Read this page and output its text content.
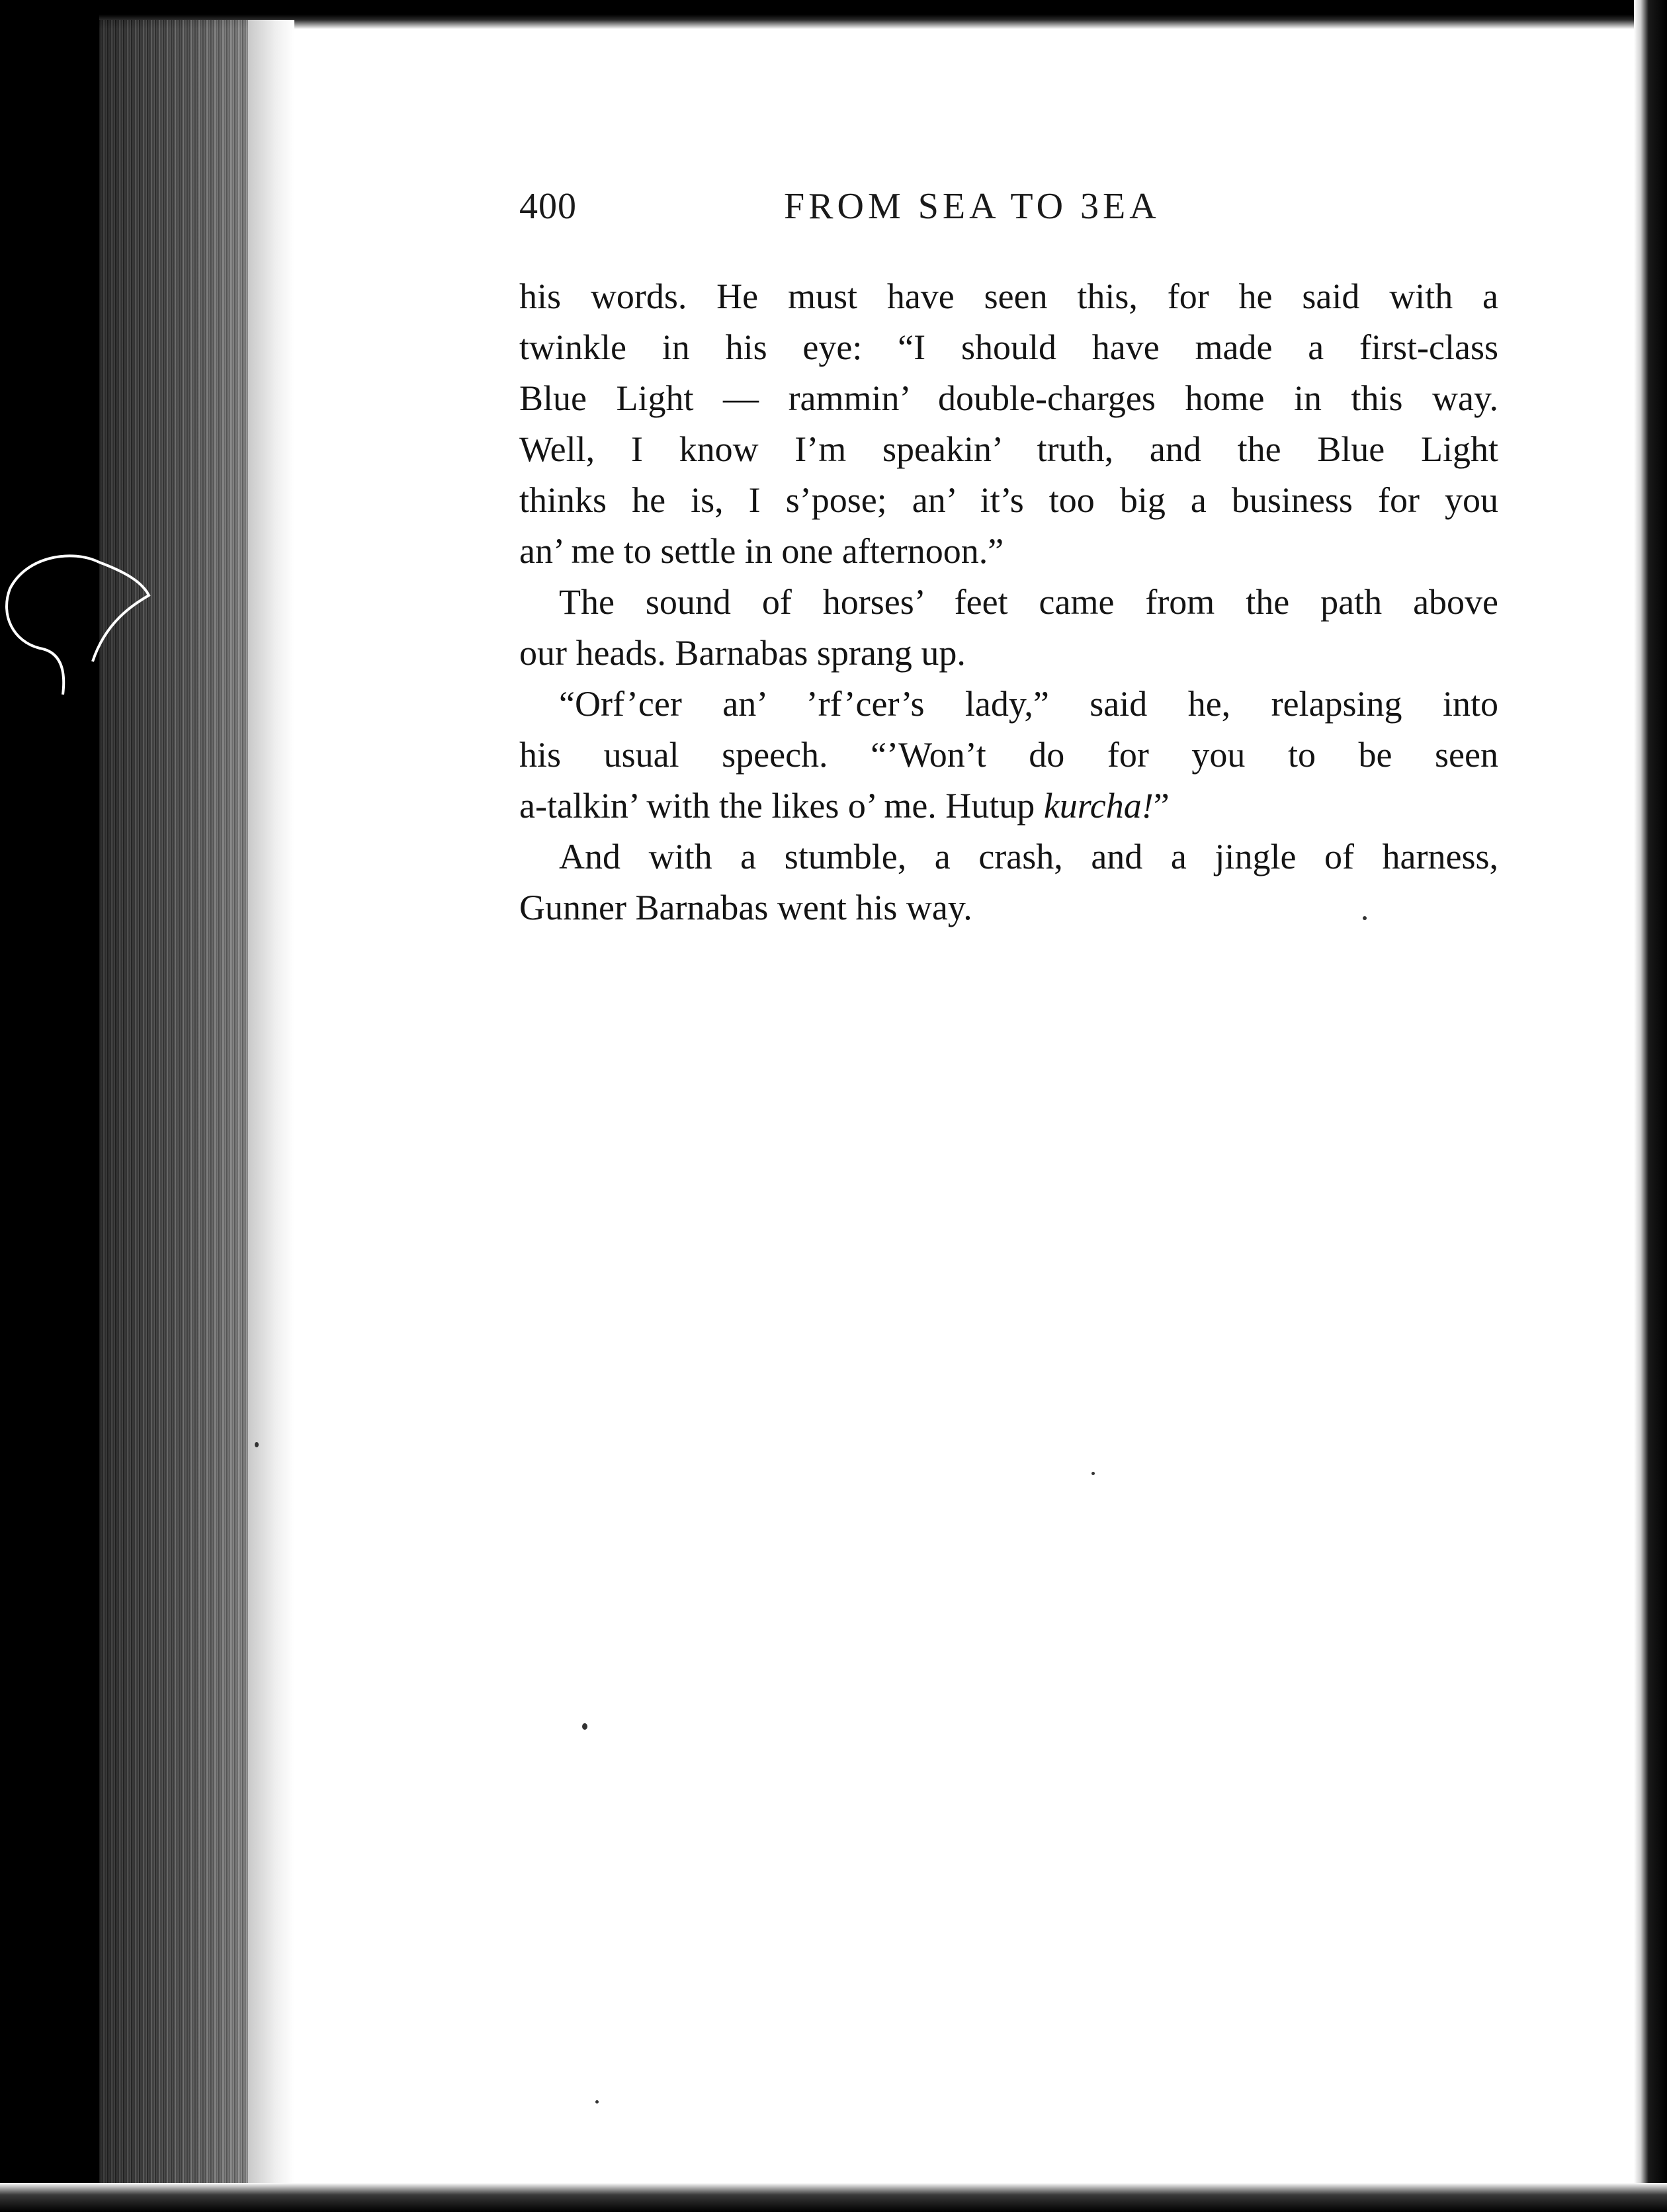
400	FROM SEA TO 3EA
his words. He must have seen this, for he said with a
twinkle in his eye: “I should have made a first-class
Blue Light — rammin’ double-charges home in this way.
Well, I know I’m speakin’ truth, and the Blue Light
thinks he is, I s’pose; an’ it’s too big a business for you
an’ me to settle in one afternoon.”
The sound of horses’ feet came from the path above
our heads. Barnabas sprang up.
“Orf’cer an’ ’rf’cer’s lady,” said he, relapsing into
his usual speech. “’Won’t do for you to be seen
a-talkin’ with the likes o’ me. Hutup kurcha!”
And with a stumble, a crash, and a jingle of harness,
Gunner Barnabas went his way.
